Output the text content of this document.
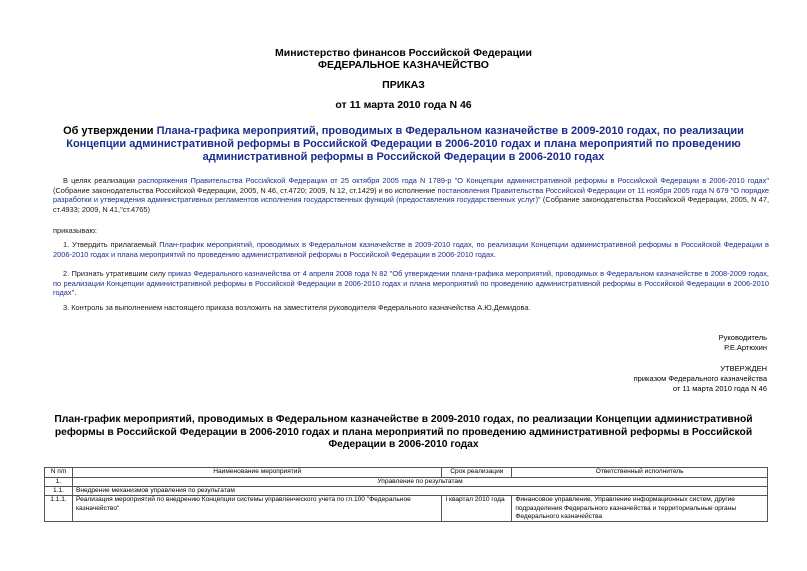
Министерство финансов Российской Федерации
ФЕДЕРАЛЬНОЕ КАЗНАЧЕЙСТВО
ПРИКАЗ
от 11 марта 2010 года N 46
Об утверждении Плана-графика мероприятий, проводимых в Федеральном казначействе в 2009-2010 годах, по реализации Концепции административной реформы в Российской Федерации в 2006-2010 годах и плана мероприятий по проведению административной реформы в Российской Федерации в 2006-2010 годах
В целях реализации распоряжения Правительства Российской Федерации от 25 октября 2005 года N 1789-р "О Концепции административной реформы в Российской Федерации в 2006-2010 годах" (Собрание законодательства Российской Федерации, 2005, N 46, ст.4720; 2009, N 12, ст.1429) и во исполнение постановления Правительства Российской Федерации от 11 ноября 2005 года N 679 "О порядке разработки и утверждения административных регламентов исполнения государственных функций (предоставления государственных услуг)" (Собрание законодательства Российской Федерации, 2005, N 47, ст.4933; 2009, N 41,"ст.4765)
приказываю:
1. Утвердить прилагаемый План-график мероприятий, проводимых в Федеральном казначействе в 2009-2010 годах, по реализации Концепции административной реформы в Российской Федерации в 2006-2010 годах и плана мероприятий по проведению административной реформы в Российской Федерации в 2006-2010 годах.
2. Признать утратившим силу приказ Федерального казначейства от 4 апреля 2008 года N 82 "Об утверждении плана-графика мероприятий, проводимых в Федеральном казначействе в 2008-2009 годах, по реализации Концепции административной реформы в Российской Федерации в 2006-2010 годах и плана мероприятий по проведению административной реформы в Российской Федерации в 2006-2010 годах".
3. Контроль за выполнением настоящего приказа возложить на заместителя руководителя Федерального казначейства А.Ю.Демидова.
Руководитель
Р.Е.Артюхин
УТВЕРЖДЕН
приказом Федерального казначейства
от 11 марта 2010 года N 46
План-график мероприятий, проводимых в Федеральном казначействе в 2009-2010 годах, по реализации Концепции административной реформы в Российской Федерации в 2006-2010 годах и плана мероприятий по проведению административной реформы в Российской Федерации в 2006-2010 годах
N п/п	Наименование мероприятий	Срок реализации	Ответственный исполнитель
1.	Управление по результатам		
1.1.	Внедрение механизмов управления по результатам		
1.1.1.	Реализация мероприятий по внедрению Концепции системы управленческого учета по гл.100 "Федеральное казначейство"	I квартал 2010 года	Финансовое управление, Управление информационных систем, другие подразделения Федерального казначейства и территориальные органы Федерального казначейства
